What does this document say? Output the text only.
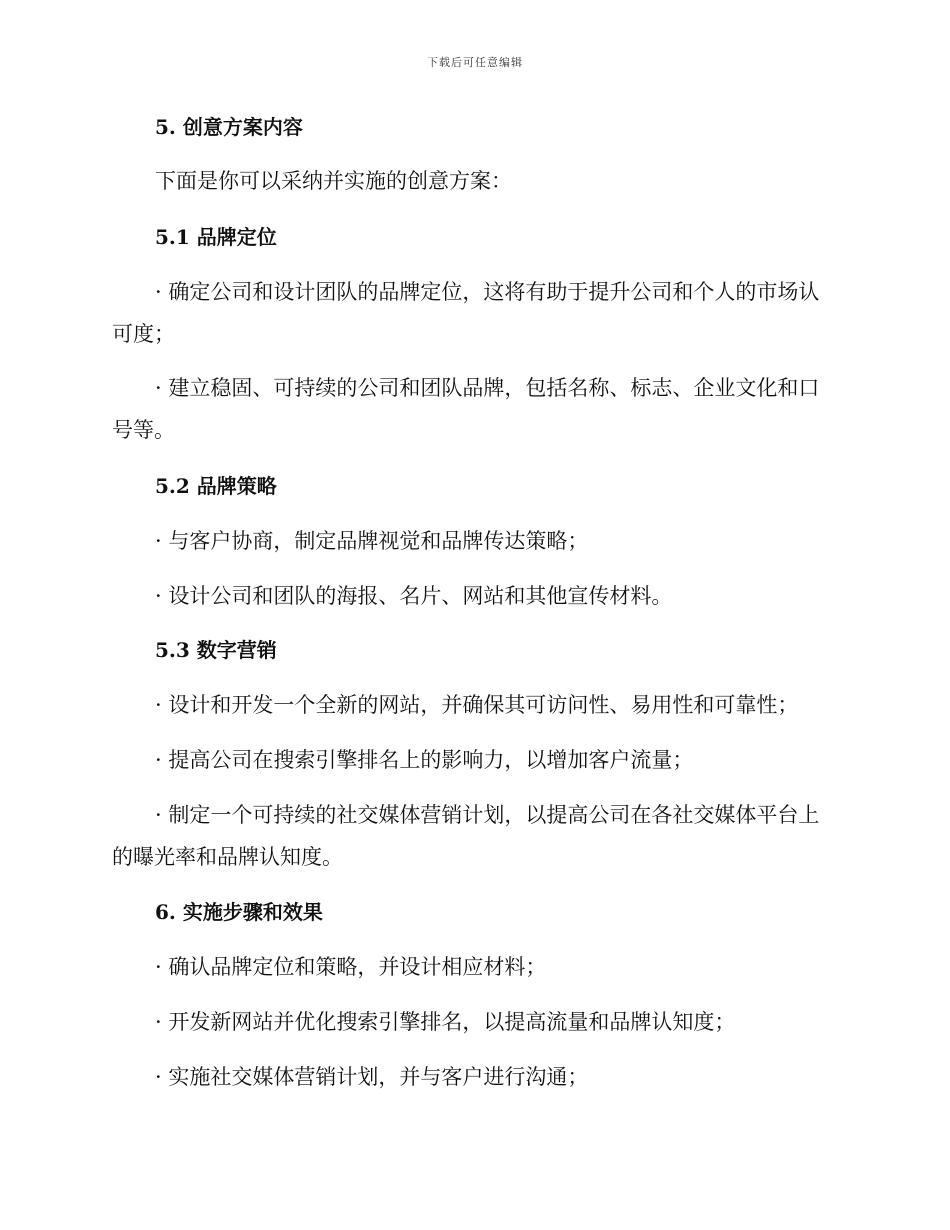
下载后可任意编辑
5. 创意方案内容
下面是你可以采纳并实施的创意方案：
5.1 品牌定位
· 确定公司和设计团队的品牌定位，这将有助于提升公司和个人的市场认可度；
· 建立稳固、可持续的公司和团队品牌，包括名称、标志、企业文化和口号等。
5.2 品牌策略
· 与客户协商，制定品牌视觉和品牌传达策略；
· 设计公司和团队的海报、名片、网站和其他宣传材料。
5.3 数字营销
· 设计和开发一个全新的网站，并确保其可访问性、易用性和可靠性；
· 提高公司在搜索引擎排名上的影响力，以增加客户流量；
· 制定一个可持续的社交媒体营销计划，以提高公司在各社交媒体平台上的曝光率和品牌认知度。
6. 实施步骤和效果
· 确认品牌定位和策略，并设计相应材料；
· 开发新网站并优化搜索引擎排名，以提高流量和品牌认知度；
· 实施社交媒体营销计划，并与客户进行沟通；
